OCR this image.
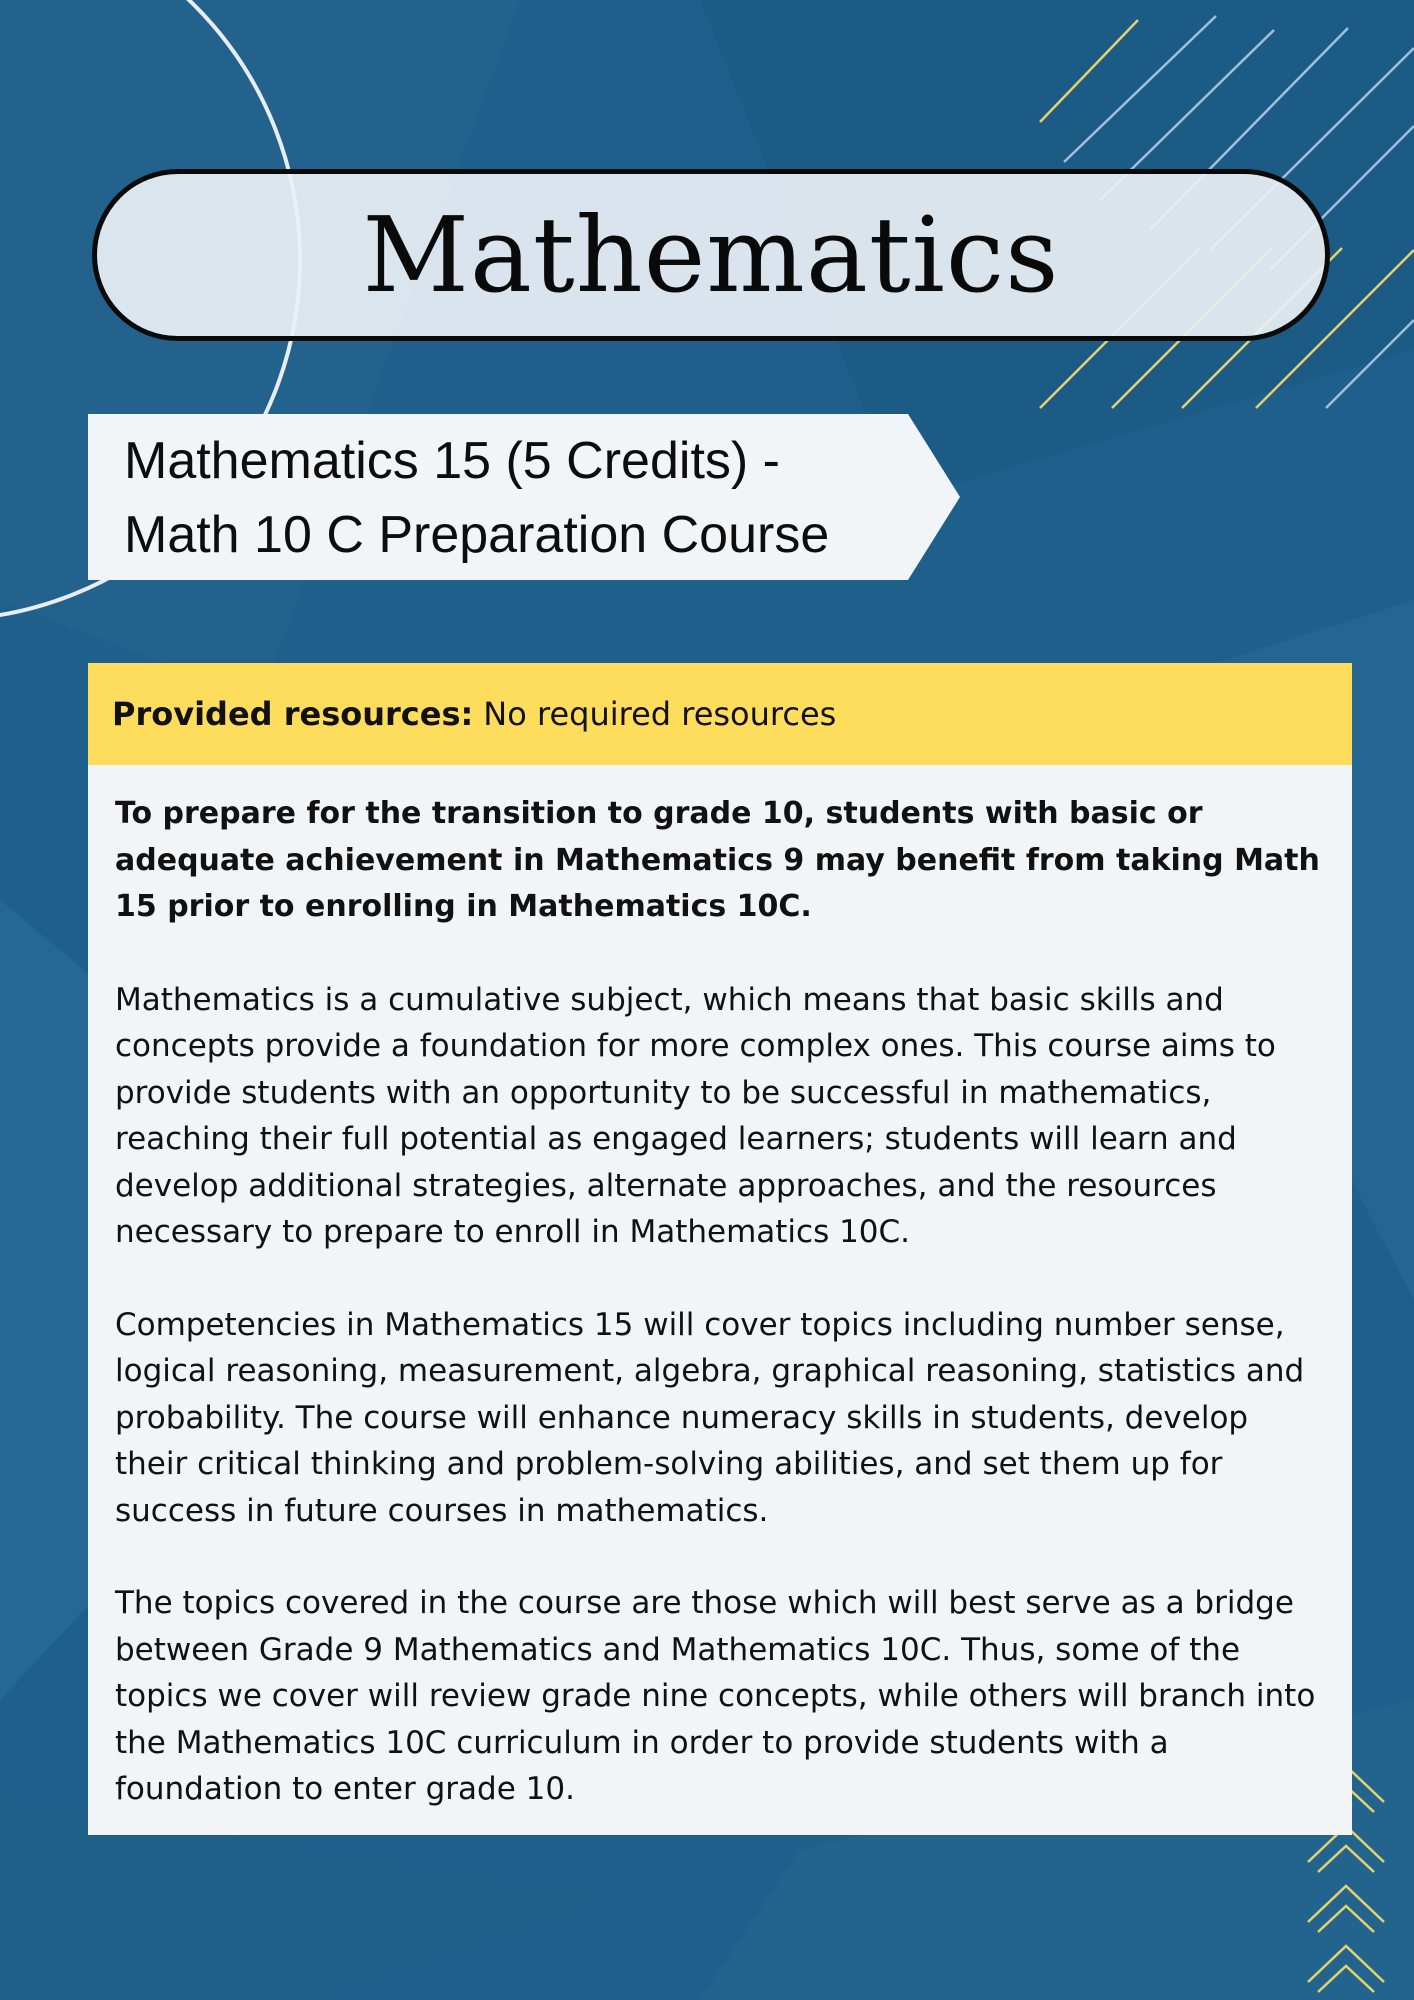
Mathematics
Mathematics 15 (5 Credits) -
Math 10 C Preparation Course
Provided resources: No required resources

To prepare for the transition to grade 10, students with basic or adequate achievement in Mathematics 9 may benefit from taking Math 15 prior to enrolling in Mathematics 10C.

Mathematics is a cumulative subject, which means that basic skills and concepts provide a foundation for more complex ones. This course aims to provide students with an opportunity to be successful in mathematics, reaching their full potential as engaged learners; students will learn and develop additional strategies, alternate approaches, and the resources necessary to prepare to enroll in Mathematics 10C.

Competencies in Mathematics 15 will cover topics including number sense, logical reasoning, measurement, algebra, graphical reasoning, statistics and probability. The course will enhance numeracy skills in students, develop their critical thinking and problem-solving abilities, and set them up for success in future courses in mathematics.

The topics covered in the course are those which will best serve as a bridge between Grade 9 Mathematics and Mathematics 10C. Thus, some of the topics we cover will review grade nine concepts, while others will branch into the Mathematics 10C curriculum in order to provide students with a foundation to enter grade 10.
